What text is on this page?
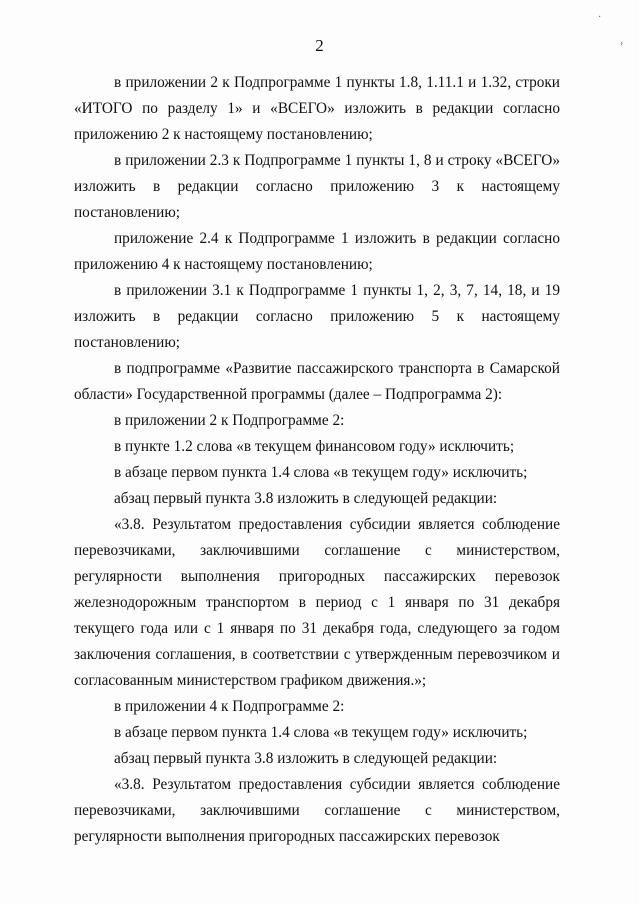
·
›
2

в приложении 2 к Подпрограмме 1 пункты 1.8, 1.11.1 и 1.32, строки «ИТОГО по разделу 1» и «ВСЕГО» изложить в редакции согласно приложению 2 к настоящему постановлению;

в приложении 2.3 к Подпрограмме 1 пункты 1, 8 и строку «ВСЕГО» изложить в редакции согласно приложению 3 к настоящему постановлению;

приложение 2.4 к Подпрограмме 1 изложить в редакции согласно приложению 4 к настоящему постановлению;

в приложении 3.1 к Подпрограмме 1 пункты 1, 2, 3, 7, 14, 18, и 19 изложить в редакции согласно приложению 5 к настоящему постановлению;

в подпрограмме «Развитие пассажирского транспорта в Самарской области» Государственной программы (далее – Подпрограмма 2):

в приложении 2 к Подпрограмме 2:

в пункте 1.2 слова «в текущем финансовом году» исключить;

в абзаце первом пункта 1.4 слова «в текущем году» исключить;

абзац первый пункта 3.8 изложить в следующей редакции:

«3.8. Результатом предоставления субсидии является соблюдение перевозчиками, заключившими соглашение с министерством, регулярности выполнения пригородных пассажирских перевозок железнодорожным транспортом в период с 1 января по 31 декабря текущего года или с 1 января по 31 декабря года, следующего за годом заключения соглашения, в соответствии с утвержденным перевозчиком и согласованным министерством графиком движения.»;

в приложении 4 к Подпрограмме 2:

в абзаце первом пункта 1.4 слова «в текущем году» исключить;

абзац первый пункта 3.8 изложить в следующей редакции:

«3.8. Результатом предоставления субсидии является соблюдение перевозчиками, заключившими соглашение с министерством, регулярности выполнения пригородных пассажирских перевозок
